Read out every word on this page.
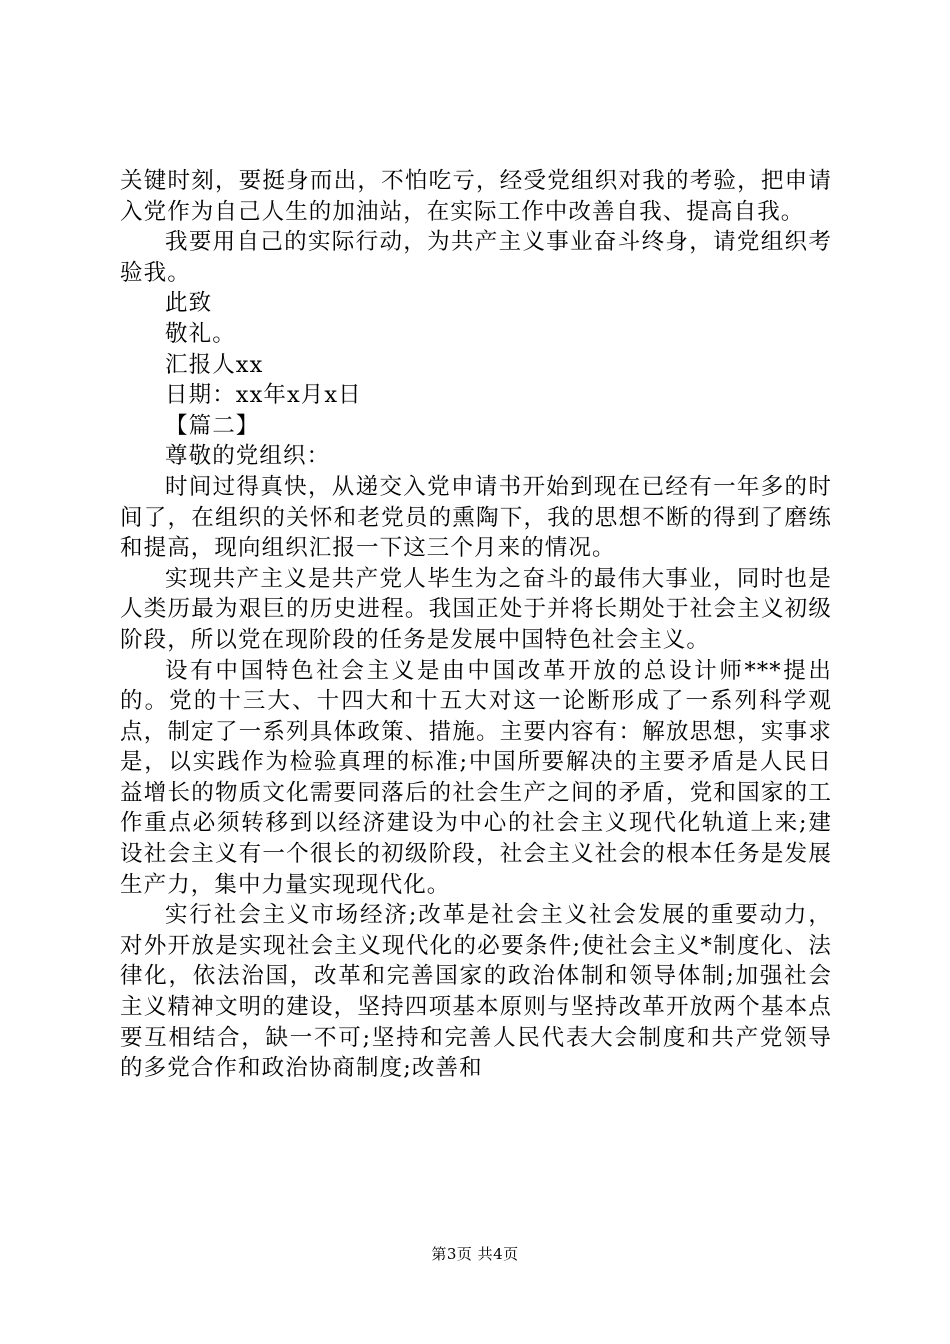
关键时刻，要挺身而出，不怕吃亏，经受党组织对我的考验，把申请入党作为自己人生的加油站，在实际工作中改善自我、提高自我。

我要用自己的实际行动，为共产主义事业奋斗终身，请党组织考验我。

此致

敬礼。

汇报人xx

日期：xx年x月x日

【篇二】

尊敬的党组织：

时间过得真快，从递交入党申请书开始到现在已经有一年多的时间了，在组织的关怀和老党员的熏陶下，我的思想不断的得到了磨练和提高，现向组织汇报一下这三个月来的情况。

实现共产主义是共产党人毕生为之奋斗的最伟大事业，同时也是人类历最为艰巨的历史进程。我国正处于并将长期处于社会主义初级阶段，所以党在现阶段的任务是发展中国特色社会主义。

设有中国特色社会主义是由中国改革开放的总设计师***提出的。党的十三大、十四大和十五大对这一论断形成了一系列科学观点，制定了一系列具体政策、措施。主要内容有：解放思想，实事求是，以实践作为检验真理的标准;中国所要解决的主要矛盾是人民日益增长的物质文化需要同落后的社会生产之间的矛盾，党和国家的工作重点必须转移到以经济建设为中心的社会主义现代化轨道上来;建设社会主义有一个很长的初级阶段，社会主义社会的根本任务是发展生产力，集中力量实现现代化。

实行社会主义市场经济;改革是社会主义社会发展的重要动力，对外开放是实现社会主义现代化的必要条件;使社会主义*制度化、法律化，依法治国，改革和完善国家的政治体制和领导体制;加强社会主义精神文明的建设，坚持四项基本原则与坚持改革开放两个基本点要互相结合，缺一不可;坚持和完善人民代表大会制度和共产党领导的多党合作和政治协商制度;改善和

第3页 共4页
